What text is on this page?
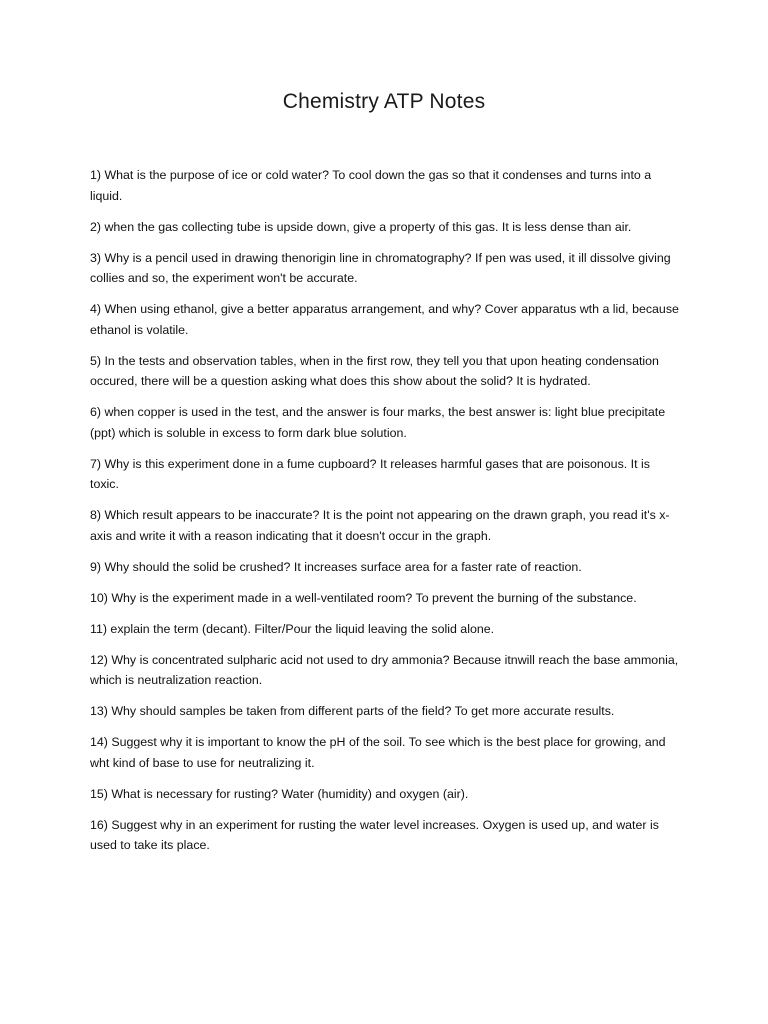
Chemistry ATP Notes
1) What is the purpose of ice or cold water? To cool down the gas so that it condenses and turns into a liquid.
2) when the gas collecting tube is upside down, give a property of this gas. It is less dense than air.
3) Why is a pencil used in drawing thenorigin line in chromatography? If pen was used, it ill dissolve giving collies and so, the experiment won't be accurate.
4) When using ethanol, give a better apparatus arrangement, and why? Cover apparatus wth a lid, because ethanol is volatile.
5) In the tests and observation tables, when in the first row, they tell you that upon heating condensation occured, there will be a question asking what does this show about the solid? It is hydrated.
6) when copper is used in the test, and the answer is four marks, the best answer is: light blue precipitate (ppt) which is soluble in excess to form dark blue solution.
7) Why is this experiment done in a fume cupboard? It releases harmful gases that are poisonous. It is toxic.
8) Which result appears to be inaccurate? It is the point not appearing on the drawn graph, you read it's x-axis and write it with a reason indicating that it doesn't occur in the graph.
9) Why should the solid be crushed? It increases surface area for a faster rate of reaction.
10) Why is the experiment made in a well-ventilated room? To prevent the burning of the substance.
11) explain the term (decant). Filter/Pour the liquid leaving the solid alone.
12) Why is concentrated sulpharic acid not used to dry ammonia? Because itnwill reach the base ammonia, which is neutralization reaction.
13) Why should samples be taken from different parts of the field? To get more accurate results.
14) Suggest why it is important to know the pH of the soil. To see which is the best place for growing, and wht kind of base to use for neutralizing it.
15) What is necessary for rusting? Water (humidity) and oxygen (air).
16) Suggest why in an experiment for rusting the water level increases. Oxygen is used up, and water is used to take its place.
